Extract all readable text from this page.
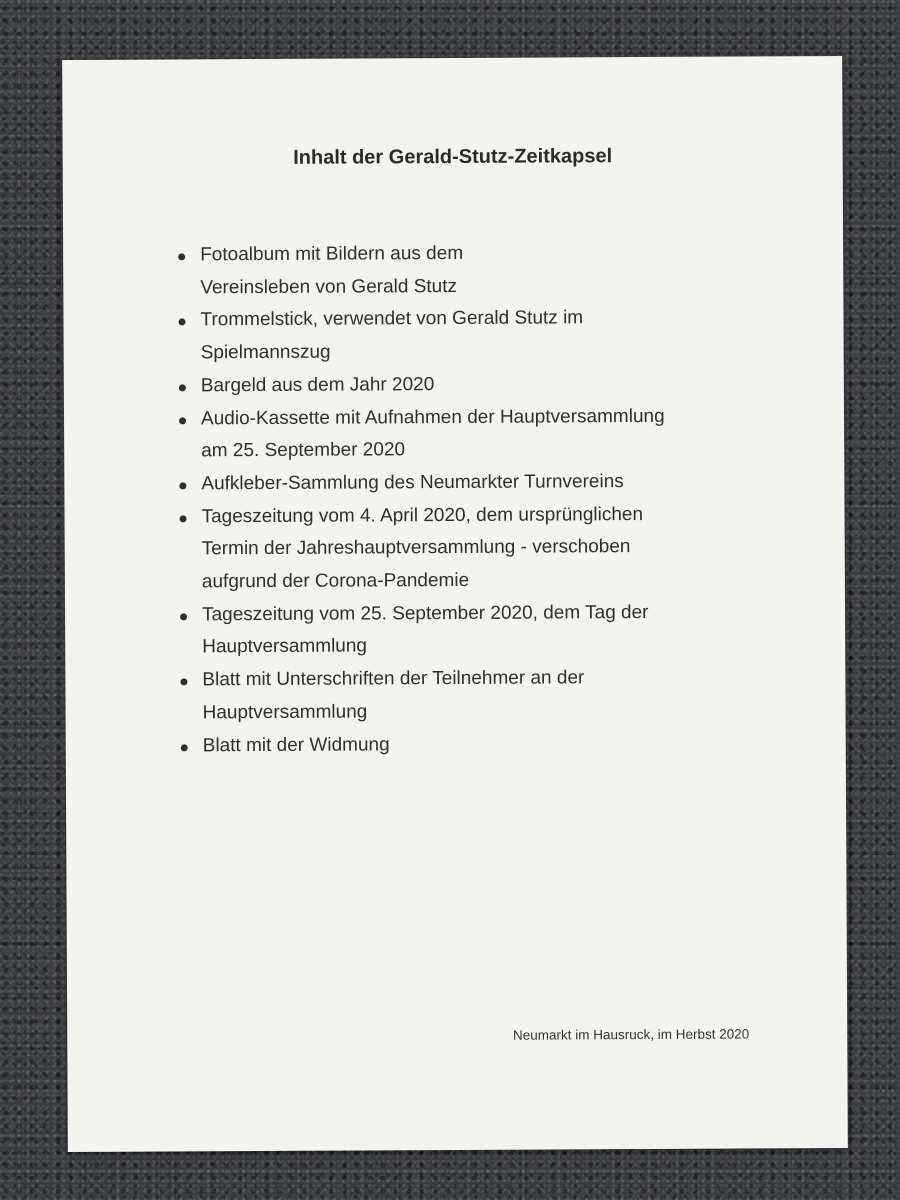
Inhalt der Gerald-Stutz-Zeitkapsel
Fotoalbum mit Bildern aus dem
Vereinsleben von Gerald Stutz
Trommelstick, verwendet von Gerald Stutz im
Spielmannszug
Bargeld aus dem Jahr 2020
Audio-Kassette mit Aufnahmen der Hauptversammlung
am 25. September 2020
Aufkleber-Sammlung des Neumarkter Turnvereins
Tageszeitung vom 4. April 2020, dem ursprünglichen
Termin der Jahreshauptversammlung - verschoben
aufgrund der Corona-Pandemie
Tageszeitung vom 25. September 2020, dem Tag der
Hauptversammlung
Blatt mit Unterschriften der Teilnehmer an der
Hauptversammlung
Blatt mit der Widmung

Neumarkt im Hausruck, im Herbst 2020
